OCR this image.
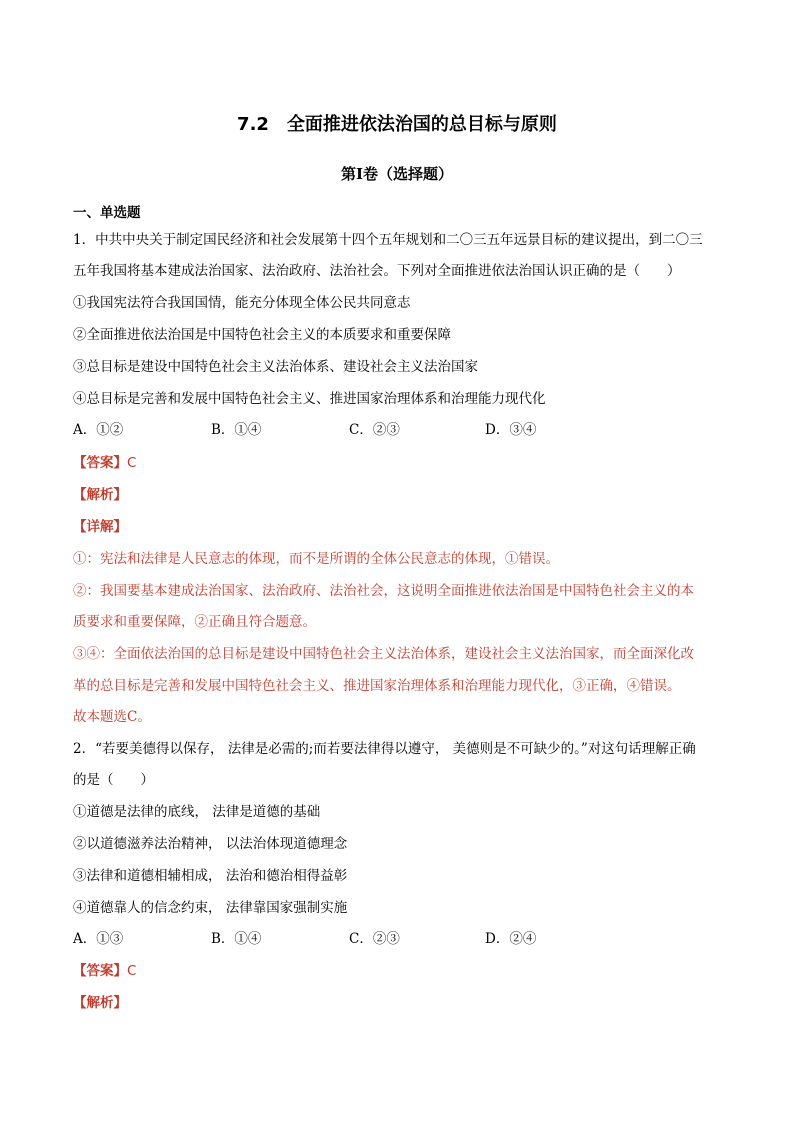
7.2　全面推进依法治国的总目标与原则
第I卷（选择题）
一、单选题
1．中共中央关于制定国民经济和社会发展第十四个五年规划和二〇三五年远景目标的建议提出，到二〇三
五年我国将基本建成法治国家、法治政府、法治社会。下列对全面推进依法治国认识正确的是（　　）
①我国宪法符合我国国情，能充分体现全体公民共同意志
②全面推进依法治国是中国特色社会主义的本质要求和重要保障
③总目标是建设中国特色社会主义法治体系、建设社会主义法治国家
④总目标是完善和发展中国特色社会主义、推进国家治理体系和治理能力现代化
A．①②	B．①④	C．②③	D．③④
【答案】C
【解析】
【详解】
①：宪法和法律是人民意志的体现，而不是所谓的全体公民意志的体现，①错误。
②：我国要基本建成法治国家、法治政府、法治社会，这说明全面推进依法治国是中国特色社会主义的本
质要求和重要保障，②正确且符合题意。
③④：全面依法治国的总目标是建设中国特色社会主义法治体系，建设社会主义法治国家，而全面深化改
革的总目标是完善和发展中国特色社会主义、推进国家治理体系和治理能力现代化，③正确，④错误。
故本题选C。
2．“若要美德得以保存， 法律是必需的;而若要法律得以遵守， 美德则是不可缺少的。”对这句话理解正确
的是（　　）
①道德是法律的底线， 法律是道德的基础
②以道德滋养法治精神， 以法治体现道德理念
③法律和道德相辅相成， 法治和德治相得益彰
④道德靠人的信念约束， 法律靠国家强制实施
A．①③	B．①④	C．②③	D．②④
【答案】C
【解析】
